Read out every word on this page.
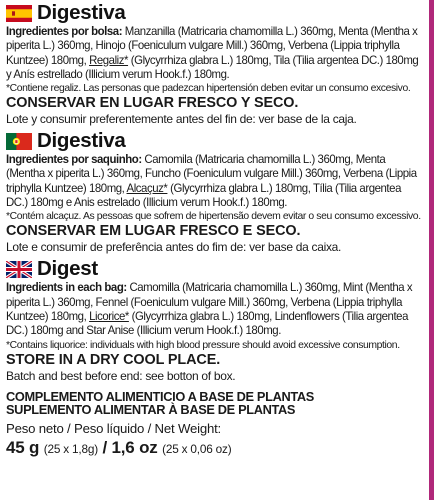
Digestiva
Ingredientes por bolsa: Manzanilla (Matricaria chamomilla L.) 360mg, Menta (Mentha x piperita L.) 360mg, Hinojo (Foeniculum vulgare Mill.) 360mg, Verbena (Lippia triphylla Kuntzee) 180mg, Regaliz* (Glycyrrhiza glabra L.) 180mg, Tila (Tilia argentea DC.) 180mg y Anís estrellado (Illicium verum Hook.f.) 180mg.
*Contiene regaliz. Las personas que padezcan hipertensión deben evitar un consumo excesivo.
CONSERVAR EN LUGAR FRESCO Y SECO.
Lote y consumir preferentemente antes del fin de: ver base de la caja.
Digestiva
Ingredientes por saquinho: Camomila (Matricaria chamomilla L.) 360mg, Menta (Mentha x piperita L.) 360mg, Funcho (Foeniculum vulgare Mill.) 360mg, Verbena (Lippia triphylla Kuntzee) 180mg, Alcaçuz* (Glycyrrhiza glabra L.) 180mg, Tília (Tilia argentea DC.) 180mg e Anis estrelado (Illicium verum Hook.f.) 180mg.
*Contém alcaçuz. As pessoas que sofrem de hipertensão devem evitar o seu consumo excessivo.
CONSERVAR EM LUGAR FRESCO E SECO.
Lote e consumir de preferência antes do fim de: ver base da caixa.
Digest
Ingredients in each bag: Camomilla (Matricaria chamomilla L.) 360mg, Mint (Mentha x piperita L.) 360mg, Fennel (Foeniculum vulgare Mill.) 360mg, Verbena (Lippia triphylla Kuntzee) 180mg, Licorice* (Glycyrrhiza glabra L.) 180mg, Lindenflowers (Tilia argentea DC.) 180mg and Star Anise (Illicium verum Hook.f.) 180mg.
*Contains liquorice: individuals with high blood pressure should avoid excessive consumption.
STORE IN A DRY COOL PLACE.
Batch and best before end: see botton of box.
COMPLEMENTO ALIMENTICIO A BASE DE PLANTAS
SUPLEMENTO ALIMENTAR À BASE DE PLANTAS
Peso neto / Peso líquido / Net Weight:
45 g (25 x 1,8g) / 1,6 oz (25 x 0,06 oz)
